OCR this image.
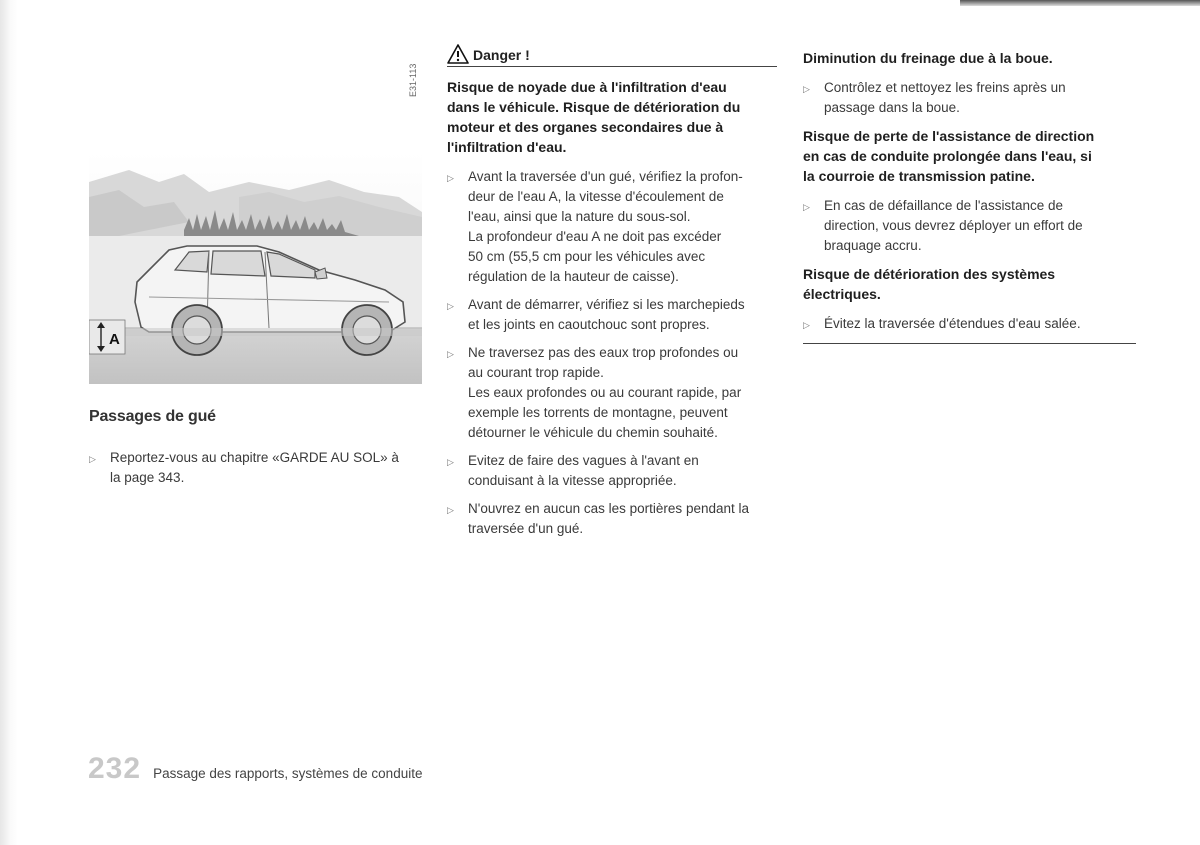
E31-113
A
Passages de gué
▷	Reportez-vous au chapitre «GARDE AU SOL» à

la page 343.

Danger !
Risque de noyade due à l'infiltration d'eau
dans le véhicule. Risque de détérioration du
moteur et des organes secondaires due à
l'infiltration d'eau.
▷	Avant la traversée d'un gué, vérifiez la profon-

deur de l'eau A, la vitesse d'écoulement de

l'eau, ainsi que la nature du sous-sol.

La profondeur d'eau A ne doit pas excéder

50 cm (55,5 cm pour les véhicules avec

régulation de la hauteur de caisse).

▷	Avant de démarrer, vérifiez si les marchepieds

et les joints en caoutchouc sont propres.

▷	Ne traversez pas des eaux trop profondes ou

au courant trop rapide.

Les eaux profondes ou au courant rapide, par

exemple les torrents de montagne, peuvent

détourner le véhicule du chemin souhaité.

▷	Evitez de faire des vagues à l'avant en

conduisant à la vitesse appropriée.

▷	N'ouvrez en aucun cas les portières pendant la

traversée d'un gué.

Diminution du freinage due à la boue.
▷	Contrôlez et nettoyez les freins après un

passage dans la boue.

Risque de perte de l'assistance de direction
en cas de conduite prolongée dans l'eau, si
la courroie de transmission patine.
▷	En cas de défaillance de l'assistance de

direction, vous devrez déployer un effort de

braquage accru.

Risque de détérioration des systèmes
électriques.
▷	Évitez la traversée d'étendues d'eau salée.

232 Passage des rapports, systèmes de conduite
